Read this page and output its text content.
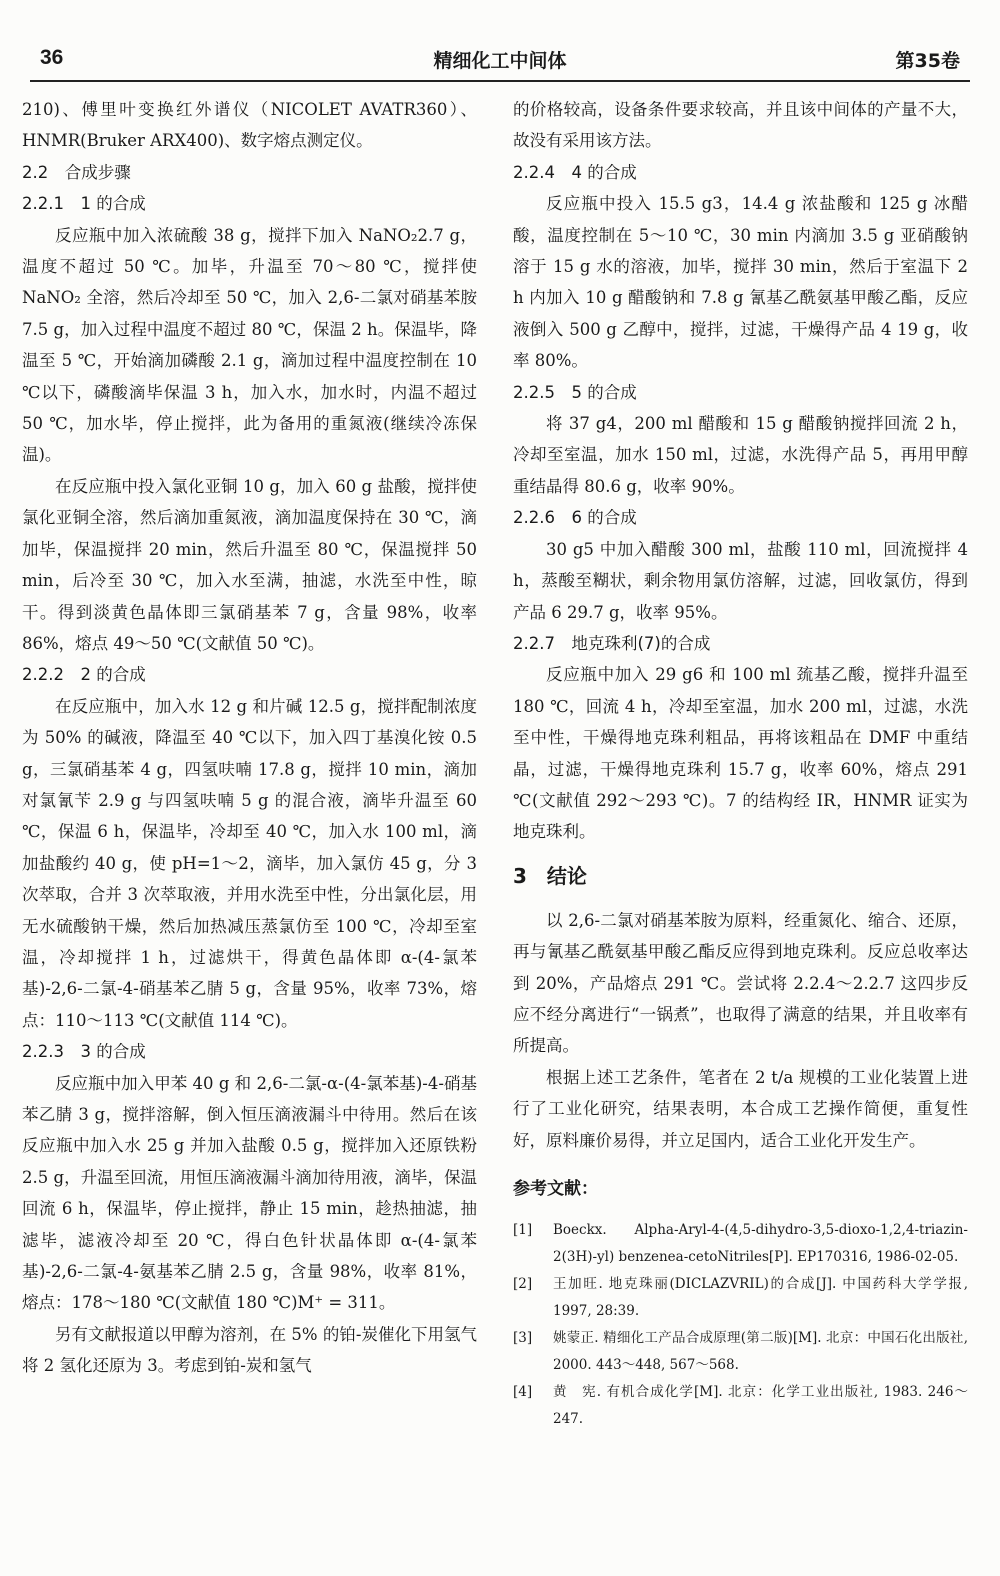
36	精细化工中间体	第35卷

210)、傅里叶变换红外谱仪（NICOLET AVATR360）、HNMR(Bruker ARX400)、数字熔点测定仪。

2.2　合成步骤
2.2.1　1 的合成

反应瓶中加入浓硫酸 38 g，搅拌下加入 NaNO₂2.7 g，温度不超过 50 ℃。加毕，升温至 70～80 ℃，搅拌使 NaNO₂ 全溶，然后冷却至 50 ℃，加入 2,6-二氯对硝基苯胺 7.5 g，加入过程中温度不超过 80 ℃，保温 2 h。保温毕，降温至 5 ℃，开始滴加磷酸 2.1 g，滴加过程中温度控制在 10 ℃以下，磷酸滴毕保温 3 h，加入水，加水时，内温不超过 50 ℃，加水毕，停止搅拌，此为备用的重氮液(继续冷冻保温)。

在反应瓶中投入氯化亚铜 10 g，加入 60 g 盐酸，搅拌使氯化亚铜全溶，然后滴加重氮液，滴加温度保持在 30 ℃，滴加毕，保温搅拌 20 min，然后升温至 80 ℃，保温搅拌 50 min，后冷至 30 ℃，加入水至满，抽滤，水洗至中性，晾干。得到淡黄色晶体即三氯硝基苯 7 g，含量 98%，收率 86%，熔点 49～50 ℃(文献值 50 ℃)。

2.2.2　2 的合成

在反应瓶中，加入水 12 g 和片碱 12.5 g，搅拌配制浓度为 50% 的碱液，降温至 40 ℃以下，加入四丁基溴化铵 0.5 g，三氯硝基苯 4 g，四氢呋喃 17.8 g，搅拌 10 min，滴加对氯氰苄 2.9 g 与四氢呋喃 5 g 的混合液，滴毕升温至 60 ℃，保温 6 h，保温毕，冷却至 40 ℃，加入水 100 ml，滴加盐酸约 40 g，使 pH=1～2，滴毕，加入氯仿 45 g，分 3 次萃取，合并 3 次萃取液，并用水洗至中性，分出氯化层，用无水硫酸钠干燥，然后加热减压蒸氯仿至 100 ℃，冷却至室温，冷却搅拌 1 h，过滤烘干，得黄色晶体即 α-(4-氯苯基)-2,6-二氯-4-硝基苯乙腈 5 g，含量 95%，收率 73%，熔点：110～113 ℃(文献值 114 ℃)。

2.2.3　3 的合成

反应瓶中加入甲苯 40 g 和 2,6-二氯-α-(4-氯苯基)-4-硝基苯乙腈 3 g，搅拌溶解，倒入恒压滴液漏斗中待用。然后在该反应瓶中加入水 25 g 并加入盐酸 0.5 g，搅拌加入还原铁粉 2.5 g，升温至回流，用恒压滴液漏斗滴加待用液，滴毕，保温回流 6 h，保温毕，停止搅拌，静止 15 min，趁热抽滤，抽滤毕，滤液冷却至 20 ℃，得白色针状晶体即 α-(4-氯苯基)-2,6-二氯-4-氨基苯乙腈 2.5 g，含量 98%，收率 81%，熔点：178～180 ℃(文献值 180 ℃)M⁺ = 311。

另有文献报道以甲醇为溶剂，在 5% 的铂-炭催化下用氢气将 2 氢化还原为 3。考虑到铂-炭和氢气

的价格较高，设备条件要求较高，并且该中间体的产量不大，故没有采用该方法。

2.2.4　4 的合成

反应瓶中投入 15.5 g3，14.4 g 浓盐酸和 125 g 冰醋酸，温度控制在 5～10 ℃，30 min 内滴加 3.5 g 亚硝酸钠溶于 15 g 水的溶液，加毕，搅拌 30 min，然后于室温下 2 h 内加入 10 g 醋酸钠和 7.8 g 氰基乙酰氨基甲酸乙酯，反应液倒入 500 g 乙醇中，搅拌，过滤，干燥得产品 4 19 g，收率 80%。

2.2.5　5 的合成

将 37 g4，200 ml 醋酸和 15 g 醋酸钠搅拌回流 2 h，冷却至室温，加水 150 ml，过滤，水洗得产品 5，再用甲醇重结晶得 80.6 g，收率 90%。

2.2.6　6 的合成

30 g5 中加入醋酸 300 ml，盐酸 110 ml，回流搅拌 4 h，蒸酸至糊状，剩余物用氯仿溶解，过滤，回收氯仿，得到产品 6 29.7 g，收率 95%。

2.2.7　地克珠利(7)的合成

反应瓶中加入 29 g6 和 100 ml 巯基乙酸，搅拌升温至 180 ℃，回流 4 h，冷却至室温，加水 200 ml，过滤，水洗至中性，干燥得地克珠利粗品，再将该粗品在 DMF 中重结晶，过滤，干燥得地克珠利 15.7 g，收率 60%，熔点 291 ℃(文献值 292～293 ℃)。7 的结构经 IR，HNMR 证实为地克珠利。

3　结论

以 2,6-二氯对硝基苯胺为原料，经重氮化、缩合、还原，再与氰基乙酰氨基甲酸乙酯反应得到地克珠利。反应总收率达到 20%，产品熔点 291 ℃。尝试将 2.2.4～2.2.7 这四步反应不经分离进行“一锅煮”，也取得了满意的结果，并且收率有所提高。

根据上述工艺条件，笔者在 2 t/a 规模的工业化装置上进行了工业化研究，结果表明，本合成工艺操作简便，重复性好，原料廉价易得，并立足国内，适合工业化开发生产。

参考文献：
[1]	Boeckx. Alpha-Aryl-4-(4,5-dihydro-3,5-dioxo-1,2,4-triazin-2(3H)-yl) benzenea-cetoNitriles[P]. EP170316, 1986-02-05.
[2]	王加旺. 地克珠丽(DICLAZVRIL)的合成[J]. 中国药科大学学报, 1997, 28:39.
[3]	姚蒙正. 精细化工产品合成原理(第二版)[M]. 北京：中国石化出版社, 2000. 443～448, 567～568.
[4]	黄　宪. 有机合成化学[M]. 北京：化学工业出版社, 1983. 246～247.
